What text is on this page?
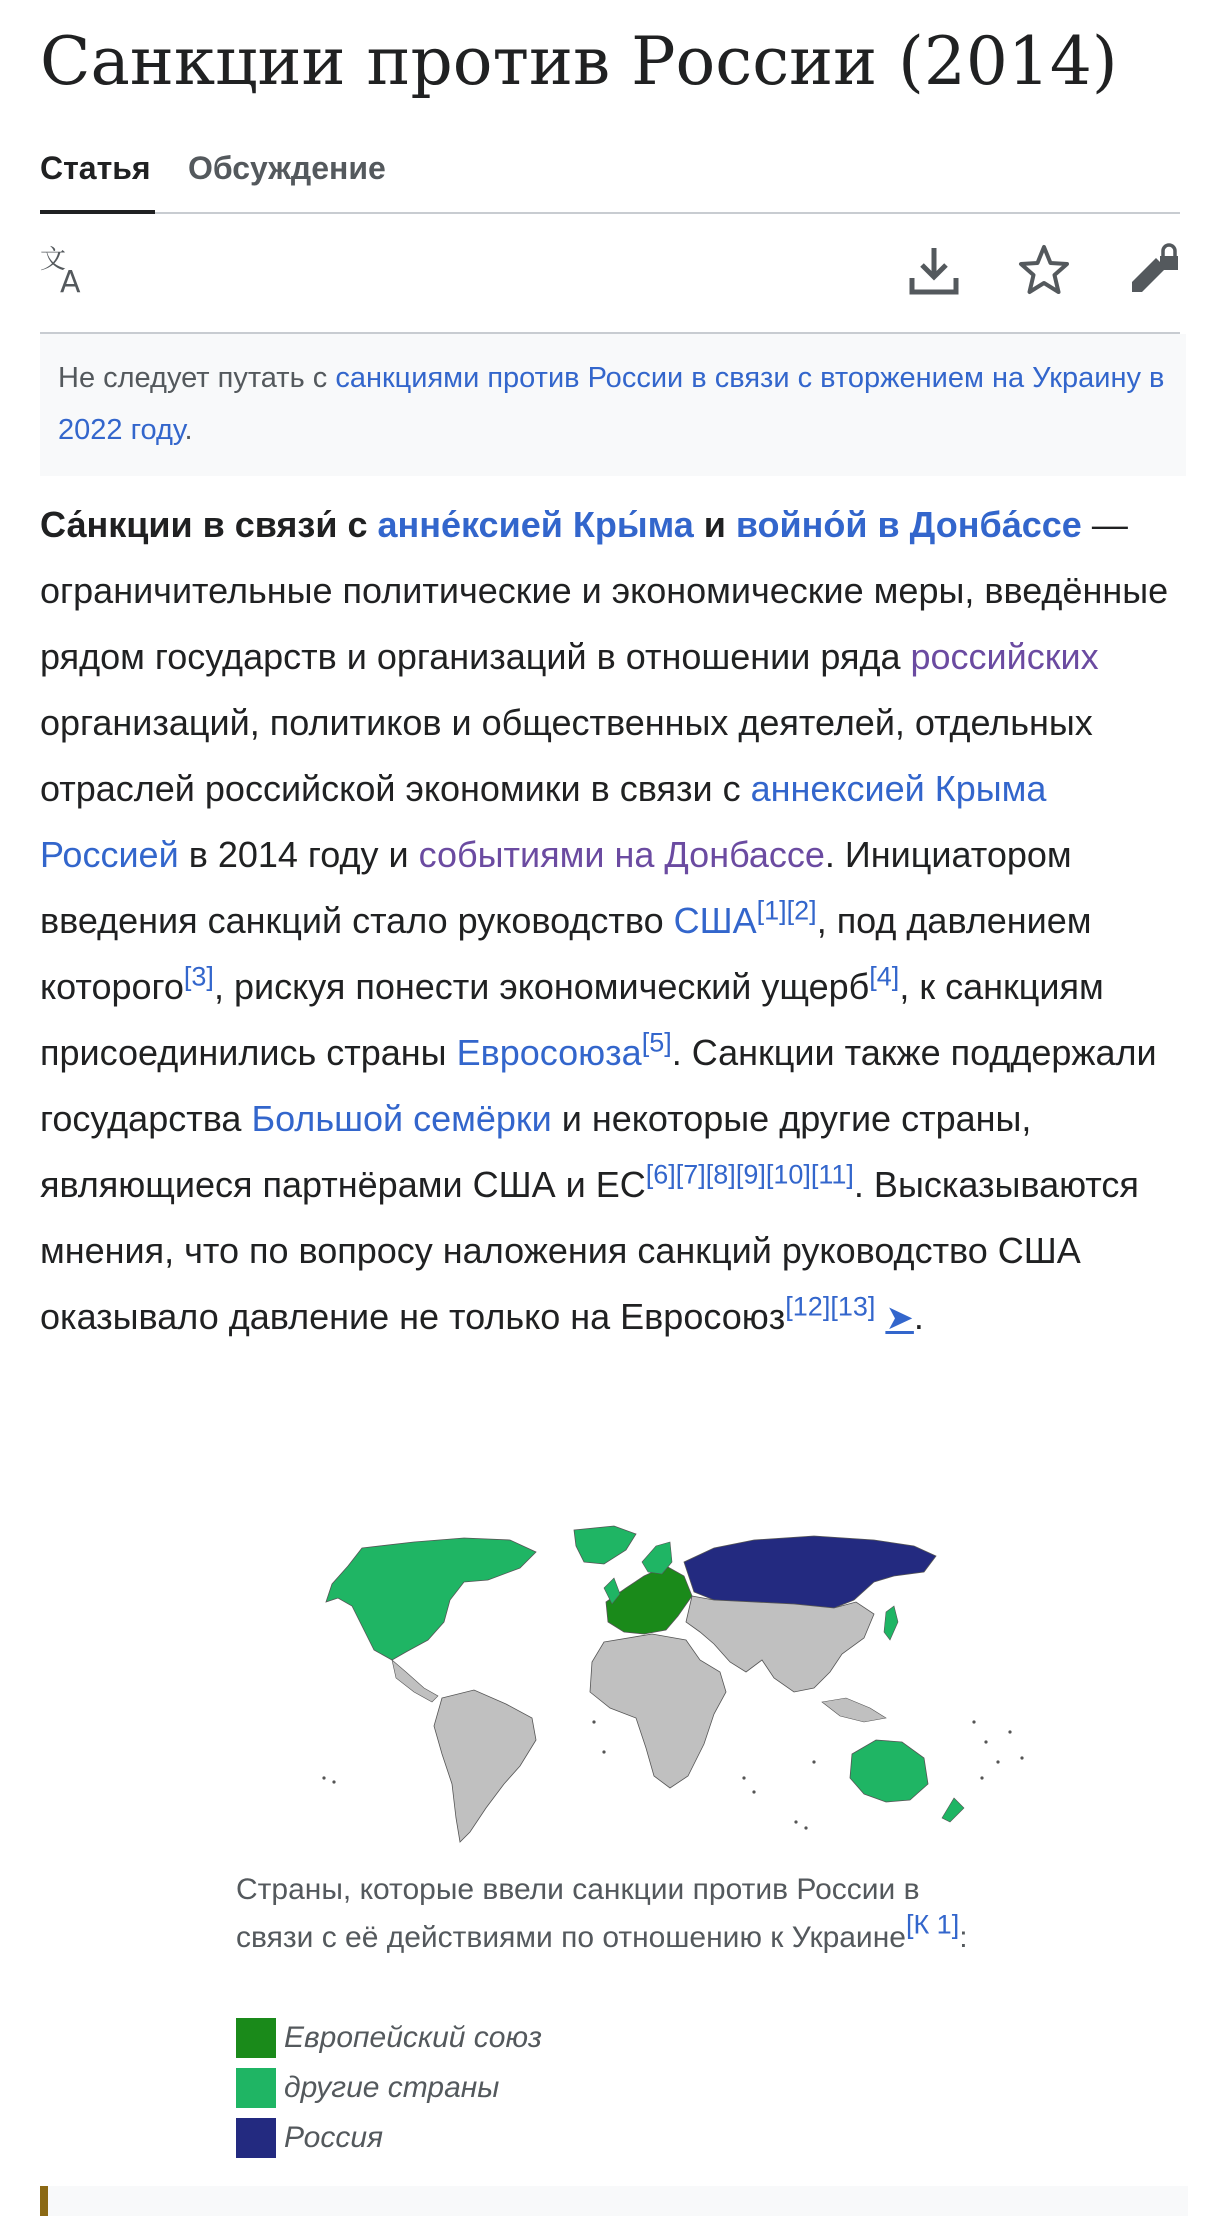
Санкции против России (2014)
Статья Обсуждение
文
A
Не следует путать с санкциями против России в связи с вторжением на Украину в 2022 году.
Са́нкции в связи́ с анне́ксией Кры́ма и войно́й в Донба́ссе — ограничительные политические и экономические меры, введённые рядом государств и организаций в отношении ряда российских организаций, политиков и общественных деятелей, отдельных отраслей российской экономики в связи с аннексией Крыма Россией в 2014 году и событиями на Донбассе. Инициатором введения санкций стало руководство США[1][2], под давлением которого[3], рискуя понести экономический ущерб[4], к санкциям присоединились страны Евросоюза[5]. Санкции также поддержали государства Большой семёрки и некоторые другие страны, являющиеся партнёрами США и ЕС[6][7][8][9][10][11]. Высказываются мнения, что по вопросу наложения санкций руководство США оказывало давление не только на Евросоюз[12][13] ➤.
Страны, которые ввели санкции против России в связи с её действиями по отношению к Украине[К 1]:
Европейский союз
другие страны
Россия
